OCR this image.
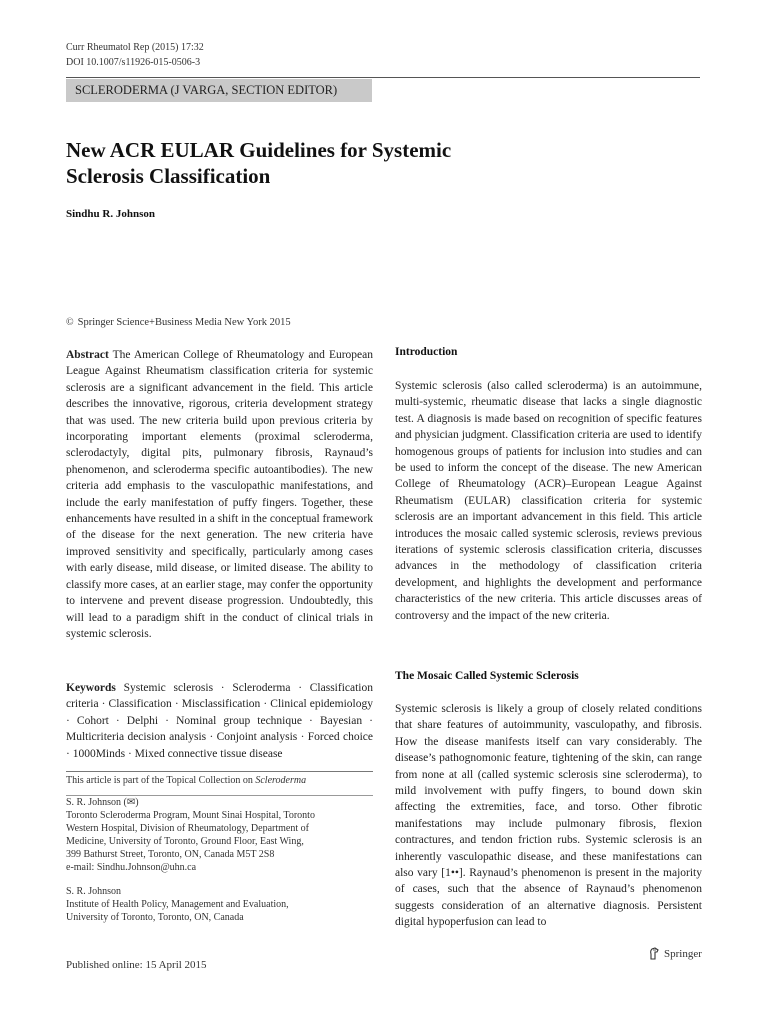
Curr Rheumatol Rep (2015) 17:32
DOI 10.1007/s11926-015-0506-3
SCLERODERMA (J VARGA, SECTION EDITOR)
New ACR EULAR Guidelines for Systemic
Sclerosis Classification
Sindhu R. Johnson
© Springer Science+Business Media New York 2015
Abstract The American College of Rheumatology and European League Against Rheumatism classification criteria for systemic sclerosis are a significant advancement in the field. This article describes the innovative, rigorous, criteria development strategy that was used. The new criteria build upon previous criteria by incorporating important elements (proximal scleroderma, sclerodactyly, digital pits, pulmonary fibrosis, Raynaud’s phenomenon, and scleroderma specific autoantibodies). The new criteria add emphasis to the vasculopathic manifestations, and include the early manifestation of puffy fingers. Together, these enhancements have resulted in a shift in the conceptual framework of the disease for the next generation. The new criteria have improved sensitivity and specifically, particularly among cases with early disease, mild disease, or limited disease. The ability to classify more cases, at an earlier stage, may confer the opportunity to intervene and prevent disease progression. Undoubtedly, this will lead to a paradigm shift in the conduct of clinical trials in systemic sclerosis.
Keywords Systemic sclerosis · Scleroderma · Classification criteria · Classification · Misclassification · Clinical epidemiology · Cohort · Delphi · Nominal group technique · Bayesian · Multicriteria decision analysis · Conjoint analysis · Forced choice · 1000Minds · Mixed connective tissue disease
This article is part of the Topical Collection on Scleroderma
S. R. Johnson (✉)
Toronto Scleroderma Program, Mount Sinai Hospital, Toronto
Western Hospital, Division of Rheumatology, Department of
Medicine, University of Toronto, Ground Floor, East Wing,
399 Bathurst Street, Toronto, ON, Canada M5T 2S8
e-mail: Sindhu.Johnson@uhn.ca
S. R. Johnson
Institute of Health Policy, Management and Evaluation,
University of Toronto, Toronto, ON, Canada
Introduction
Systemic sclerosis (also called scleroderma) is an autoimmune, multi-systemic, rheumatic disease that lacks a single diagnostic test. A diagnosis is made based on recognition of specific features and physician judgment. Classification criteria are used to identify homogenous groups of patients for inclusion into studies and can be used to inform the concept of the disease. The new American College of Rheumatology (ACR)–European League Against Rheumatism (EULAR) classification criteria for systemic sclerosis are an important advancement in this field. This article introduces the mosaic called systemic sclerosis, reviews previous iterations of systemic sclerosis classification criteria, discusses advances in the methodology of classification criteria development, and highlights the development and performance characteristics of the new criteria. This article discusses areas of controversy and the impact of the new criteria.
The Mosaic Called Systemic Sclerosis
Systemic sclerosis is likely a group of closely related conditions that share features of autoimmunity, vasculopathy, and fibrosis. How the disease manifests itself can vary considerably. The disease’s pathognomonic feature, tightening of the skin, can range from none at all (called systemic sclerosis sine scleroderma), to mild involvement with puffy fingers, to bound down skin affecting the extremities, face, and torso. Other fibrotic manifestations may include pulmonary fibrosis, flexion contractures, and tendon friction rubs. Systemic sclerosis is an inherently vasculopathic disease, and these manifestations can also vary [1••]. Raynaud’s phenomenon is present in the majority of cases, such that the absence of Raynaud’s phenomenon suggests consideration of an alternative diagnosis. Persistent digital hypoperfusion can lead to
Published online: 15 April 2015
Springer
